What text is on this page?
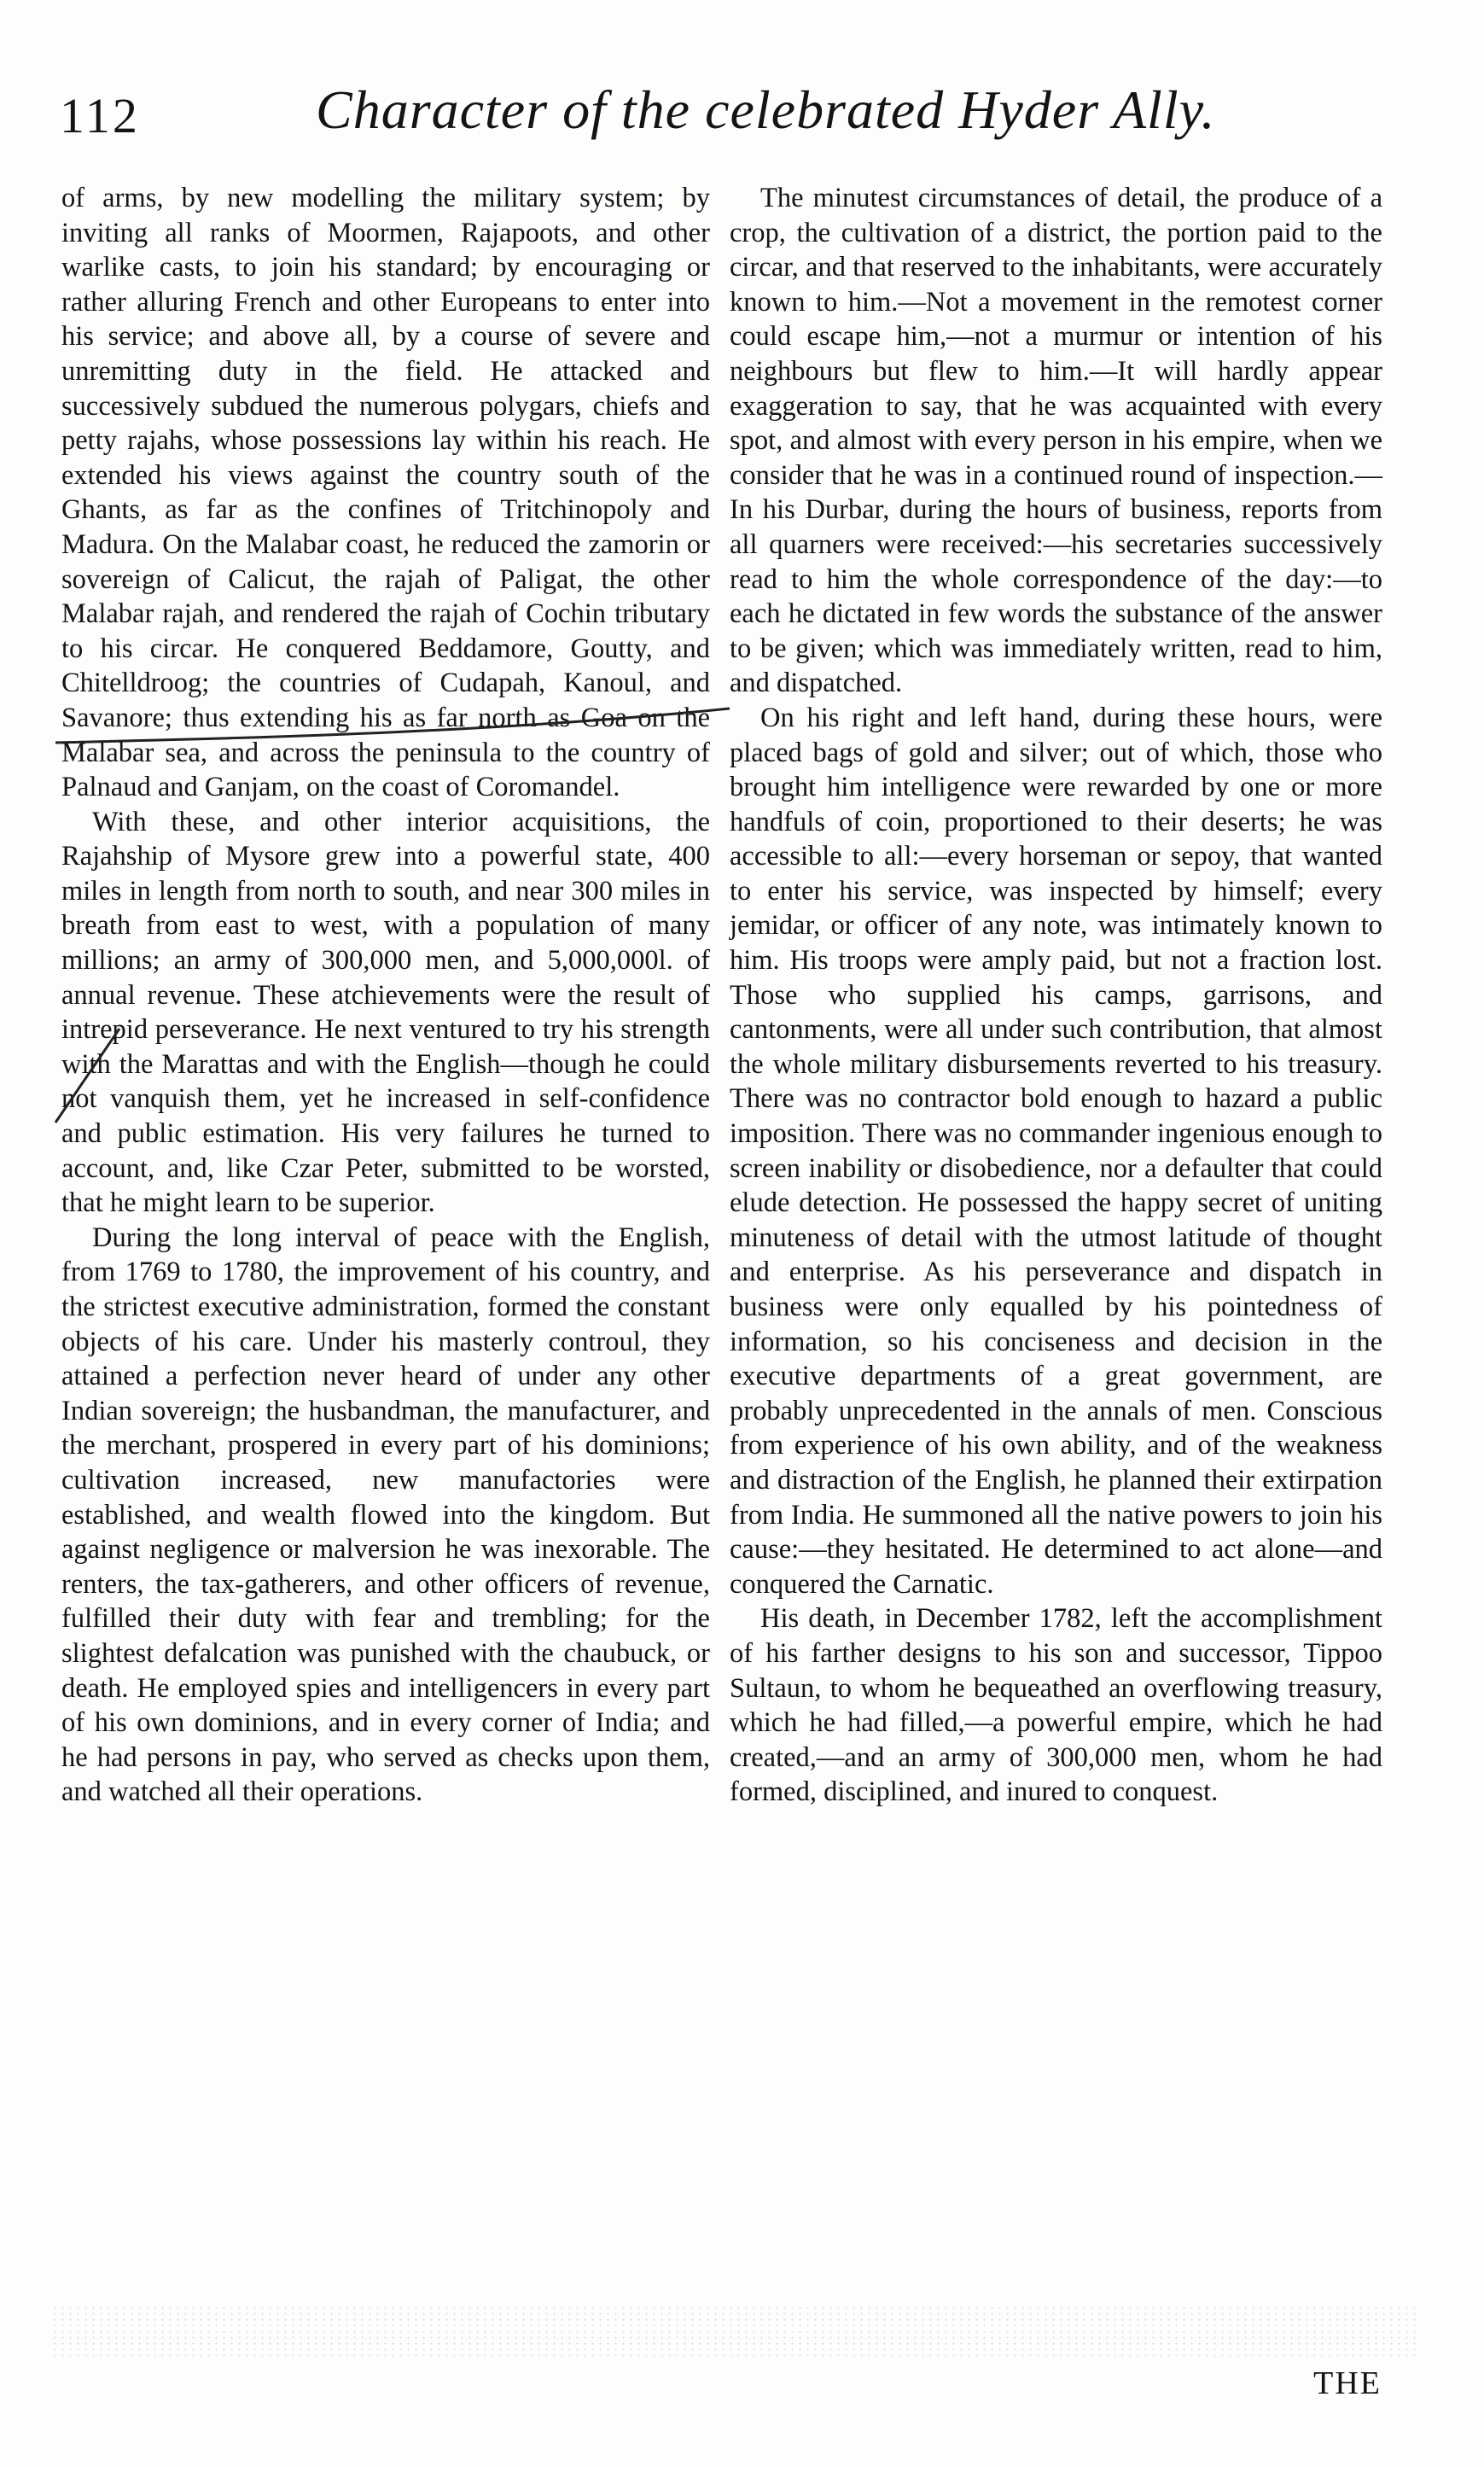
112	Character of the celebrated Hyder Ally.

of arms, by new modelling the military system; by inviting all ranks of Moormen, Rajapoots, and other warlike casts, to join his standard; by encouraging or rather alluring French and other Europeans to enter into his service; and above all, by a course of severe and unremitting duty in the field. He attacked and successively subdued the numerous polygars, chiefs and petty rajahs, whose possessions lay within his reach. He extended his views against the country south of the Ghants, as far as the confines of Tritchinopoly and Madura. On the Malabar coast, he reduced the zamorin or sovereign of Calicut, the rajah of Paligat, the other Malabar rajah, and rendered the rajah of Cochin tributary to his circar. He conquered Beddamore, Goutty, and Chitelldroog; the countries of Cudapah, Kanoul, and Savanore; thus extending his as far north as Goa on the Malabar sea, and across the peninsula to the country of Palnaud and Ganjam, on the coast of Coromandel.

With these, and other interior acquisitions, the Rajahship of Mysore grew into a powerful state, 400 miles in length from north to south, and near 300 miles in breath from east to west, with a population of many millions; an army of 300,000 men, and 5,000,000l. of annual revenue. These atchievements were the result of intrepid perseverance. He next ventured to try his strength with the Marattas and with the English—though he could not vanquish them, yet he increased in self-confidence and public estimation. His very failures he turned to account, and, like Czar Peter, submitted to be worsted, that he might learn to be superior.

During the long interval of peace with the English, from 1769 to 1780, the improvement of his country, and the strictest executive administration, formed the constant objects of his care. Under his masterly controul, they attained a perfection never heard of under any other Indian sovereign; the husbandman, the manufacturer, and the merchant, prospered in every part of his dominions; cultivation increased, new manufactories were established, and wealth flowed into the kingdom. But against negligence or malversion he was inexorable. The renters, the tax-gatherers, and other officers of revenue, fulfilled their duty with fear and trembling; for the slightest defalcation was punished with the chaubuck, or death. He employed spies and intelligencers in every part of his own dominions, and in every corner of India; and he had persons in pay, who served as checks upon them, and watched all their operations.

The minutest circumstances of detail, the produce of a crop, the cultivation of a district, the portion paid to the circar, and that reserved to the inhabitants, were accurately known to him.—Not a movement in the remotest corner could escape him,—not a murmur or intention of his neighbours but flew to him.—It will hardly appear exaggeration to say, that he was acquainted with every spot, and almost with every person in his empire, when we consider that he was in a continued round of inspection.—In his Durbar, during the hours of business, reports from all quarners were received:—his secretaries successively read to him the whole correspondence of the day:—to each he dictated in few words the substance of the answer to be given; which was immediately written, read to him, and dispatched.

On his right and left hand, during these hours, were placed bags of gold and silver; out of which, those who brought him intelligence were rewarded by one or more handfuls of coin, proportioned to their deserts; he was accessible to all:—every horseman or sepoy, that wanted to enter his service, was inspected by himself; every jemidar, or officer of any note, was intimately known to him. His troops were amply paid, but not a fraction lost. Those who supplied his camps, garrisons, and cantonments, were all under such contribution, that almost the whole military disbursements reverted to his treasury. There was no contractor bold enough to hazard a public imposition. There was no commander ingenious enough to screen inability or disobedience, nor a defaulter that could elude detection. He possessed the happy secret of uniting minuteness of detail with the utmost latitude of thought and enterprise. As his perseverance and dispatch in business were only equalled by his pointedness of information, so his conciseness and decision in the executive departments of a great government, are probably unprecedented in the annals of men. Conscious from experience of his own ability, and of the weakness and distraction of the English, he planned their extirpation from India. He summoned all the native powers to join his cause:—they hesitated. He determined to act alone—and conquered the Carnatic.

His death, in December 1782, left the accomplishment of his farther designs to his son and successor, Tippoo Sultaun, to whom he bequeathed an overflowing treasury, which he had filled,—a powerful empire, which he had created,—and an army of 300,000 men, whom he had formed, disciplined, and inured to conquest.

THE
